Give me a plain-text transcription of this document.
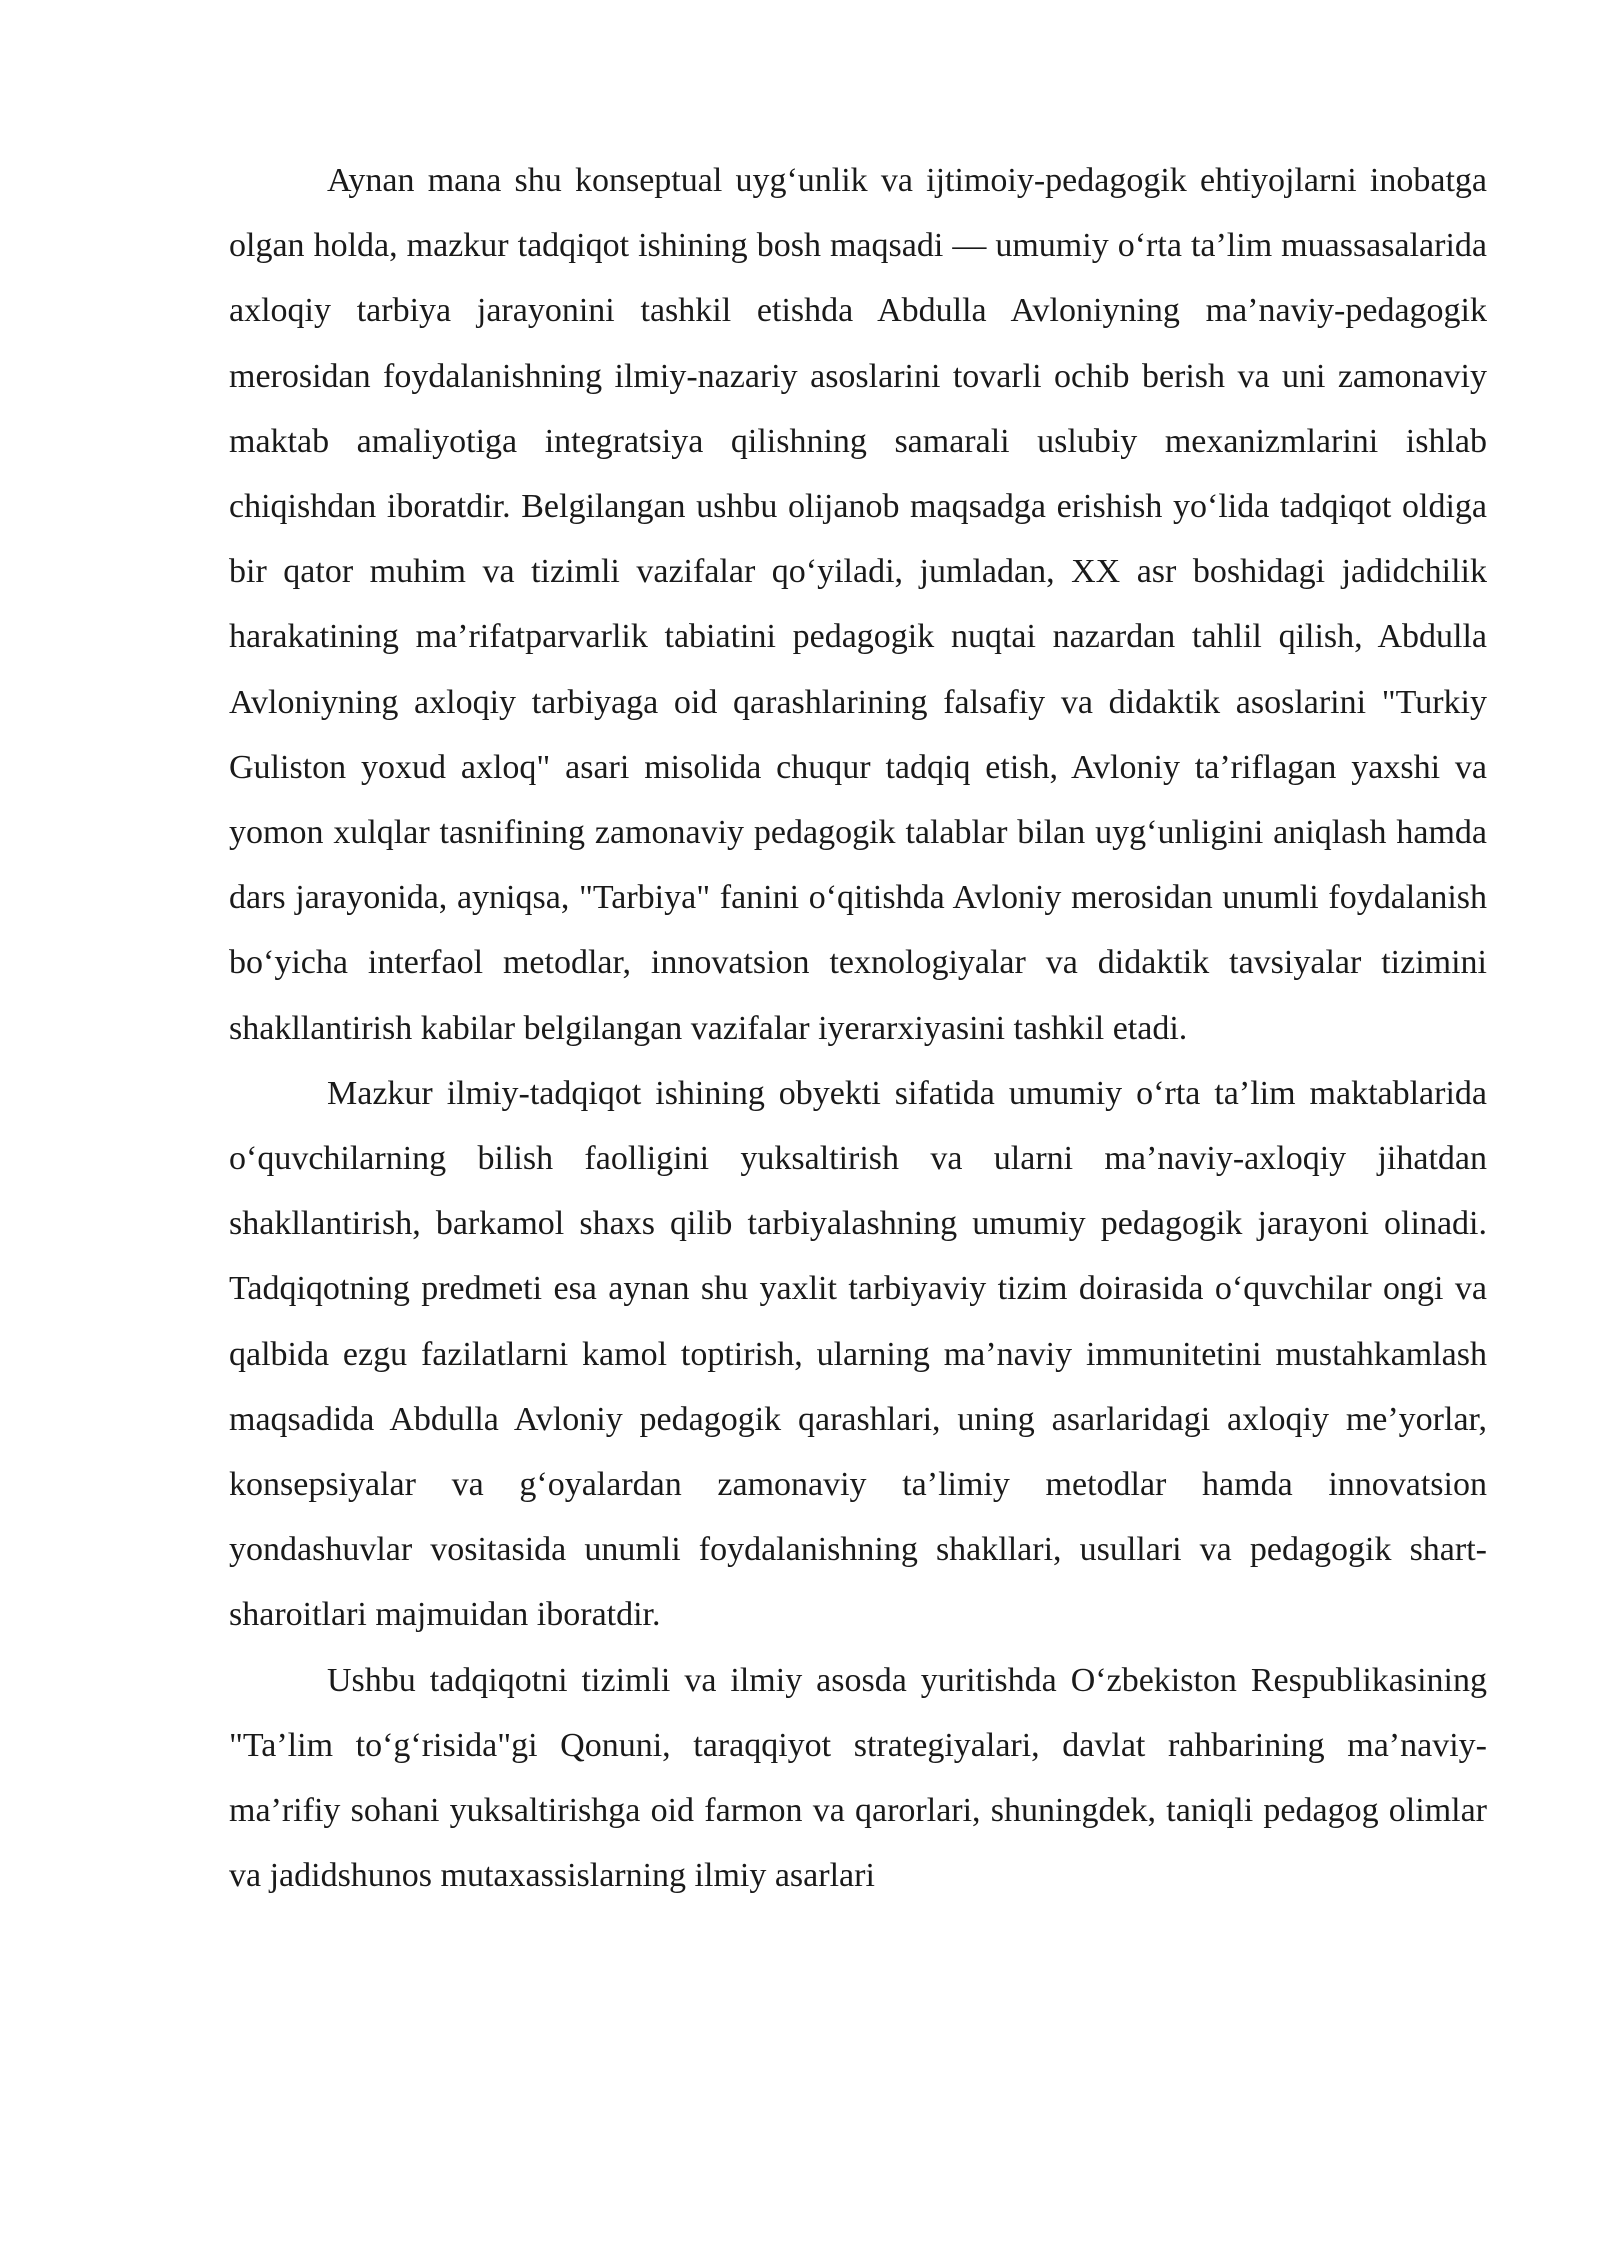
Aynan mana shu konseptual uyg‘unlik va ijtimoiy-pedagogik ehtiyojlarni inobatga olgan holda, mazkur tadqiqot ishining bosh maqsadi — umumiy o‘rta ta’lim muassasalarida axloqiy tarbiya jarayonini tashkil etishda Abdulla Avloniyning ma’naviy-pedagogik merosidan foydalanishning ilmiy-nazariy asoslarini tovarli ochib berish va uni zamonaviy maktab amaliyotiga integratsiya qilishning samarali uslubiy mexanizmlarini ishlab chiqishdan iboratdir. Belgilangan ushbu olijanob maqsadga erishish yo‘lida tadqiqot oldiga bir qator muhim va tizimli vazifalar qo‘yiladi, jumladan, XX asr boshidagi jadidchilik harakatining ma’rifatparvarlik tabiatini pedagogik nuqtai nazardan tahlil qilish, Abdulla Avloniyning axloqiy tarbiyaga oid qarashlarining falsafiy va didaktik asoslarini "Turkiy Guliston yoxud axloq" asari misolida chuqur tadqiq etish, Avloniy ta’riflagan yaxshi va yomon xulqlar tasnifining zamonaviy pedagogik talablar bilan uyg‘unligini aniqlash hamda dars jarayonida, ayniqsa, "Tarbiya" fanini o‘qitishda Avloniy merosidan unumli foydalanish bo‘yicha interfaol metodlar, innovatsion texnologiyalar va didaktik tavsiyalar tizimini shakllantirish kabilar belgilangan vazifalar iyerarxiyasini tashkil etadi.

Mazkur ilmiy-tadqiqot ishining obyekti sifatida umumiy o‘rta ta’lim maktablarida o‘quvchilarning bilish faolligini yuksaltirish va ularni ma’naviy-axloqiy jihatdan shakllantirish, barkamol shaxs qilib tarbiyalashning umumiy pedagogik jarayoni olinadi. Tadqiqotning predmeti esa aynan shu yaxlit tarbiyaviy tizim doirasida o‘quvchilar ongi va qalbida ezgu fazilatlarni kamol toptirish, ularning ma’naviy immunitetini mustahkamlash maqsadida Abdulla Avloniy pedagogik qarashlari, uning asarlaridagi axloqiy me’yorlar, konsepsiyalar va g‘oyalardan zamonaviy ta’limiy metodlar hamda innovatsion yondashuvlar vositasida unumli foydalanishning shakllari, usullari va pedagogik shart-sharoitlari majmuidan iboratdir.

Ushbu tadqiqotni tizimli va ilmiy asosda yuritishda O‘zbekiston Respublikasining "Ta’lim to‘g‘risida"gi Qonuni, taraqqiyot strategiyalari, davlat rahbarining ma’naviy-ma’rifiy sohani yuksaltirishga oid farmon va qarorlari, shuningdek, taniqli pedagog olimlar va jadidshunos mutaxassislarning ilmiy asarlari
